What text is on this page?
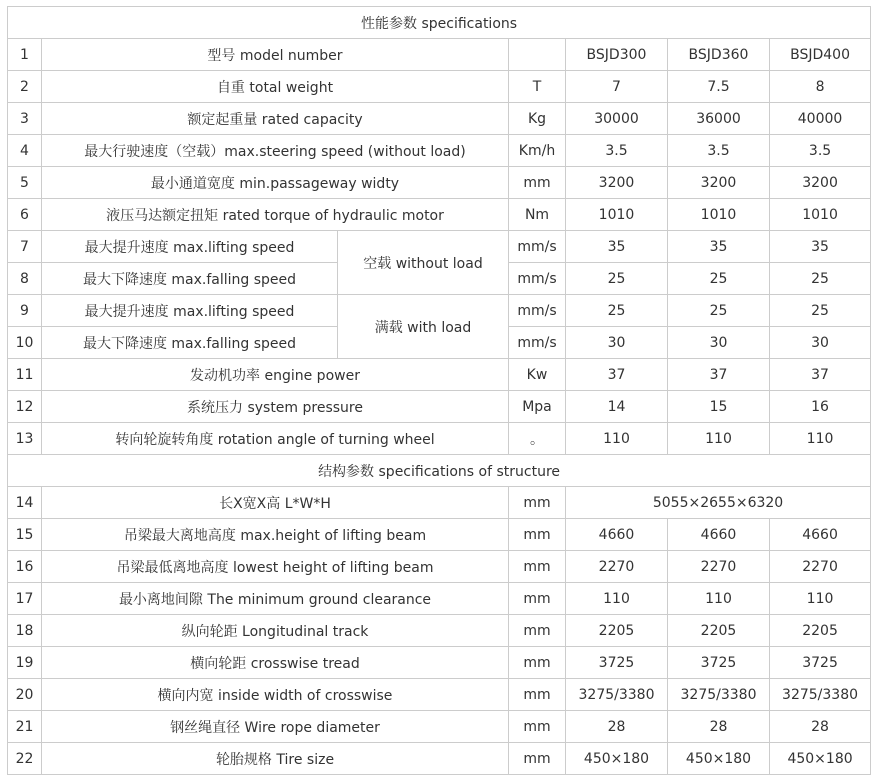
性能参数 specifications						
1	型号 model number			BSJD300	BSJD360	BSJD400
2	自重 total weight		T	7	7.5	8
3	额定起重量 rated capacity		Kg	30000	36000	40000
4	最大行驶速度（空载）max.steering speed (without load)		Km/h	3.5	3.5	3.5
5	最小通道宽度 min.passageway widty		mm	3200	3200	3200
6	液压马达额定扭矩 rated torque of hydraulic motor		Nm	1010	1010	1010
7	最大提升速度 max.lifting speed	空载 without load	mm/s	35	35	35
8	最大下降速度 max.falling speed		mm/s	25	25	25
9	最大提升速度 max.lifting speed	满载 with load	mm/s	25	25	25
10	最大下降速度 max.falling speed		mm/s	30	30	30
11	发动机功率 engine power		Kw	37	37	37
12	系统压力 system pressure		Mpa	14	15	16
13	转向轮旋转角度 rotation angle of turning wheel		。	110	110	110
结构参数 specifications of structure						
14	长X宽X高 L*W*H		mm	5055×2655×6320		
15	吊梁最大离地高度 max.height of lifting beam		mm	4660	4660	4660
16	吊梁最低离地高度 lowest height of lifting beam		mm	2270	2270	2270
17	最小离地间隙 The minimum ground clearance		mm	110	110	110
18	纵向轮距 Longitudinal track		mm	2205	2205	2205
19	横向轮距 crosswise tread		mm	3725	3725	3725
20	横向内宽 inside width of crosswise		mm	3275/3380	3275/3380	3275/3380
21	钢丝绳直径 Wire rope diameter		mm	28	28	28
22	轮胎规格 Tire size		mm	450×180	450×180	450×180
